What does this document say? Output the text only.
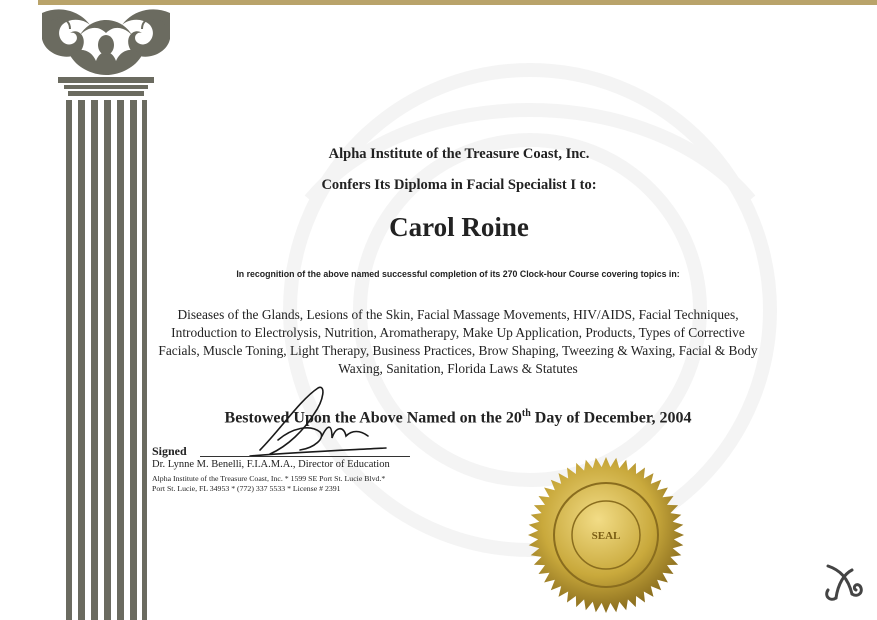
Alpha Institute of the Treasure Coast, Inc.

Confers Its Diploma in Facial Specialist I to:

Carol Roine

In recognition of the above named successful completion of its 270 Clock-hour Course covering topics in:

Diseases of the Glands, Lesions of the Skin, Facial Massage Movements, HIV/AIDS, Facial Techniques,
Introduction to Electrolysis, Nutrition, Aromatherapy, Make Up Application, Products, Types of Corrective
Facials, Muscle Toning, Light Therapy, Business Practices, Brow Shaping, Tweezing & Waxing, Facial & Body
Waxing, Sanitation, Florida Laws & Statutes

Bestowed Upon the Above Named on the 20th Day of December, 2004

Signed

Dr. Lynne M. Benelli, F.I.A.M.A., Director of Education

Alpha Institute of the Treasure Coast, Inc. * 1599 SE Port St. Lucie Blvd.*

Port St. Lucie, FL 34953 * (772) 337 5533 * License # 2391

SEAL
